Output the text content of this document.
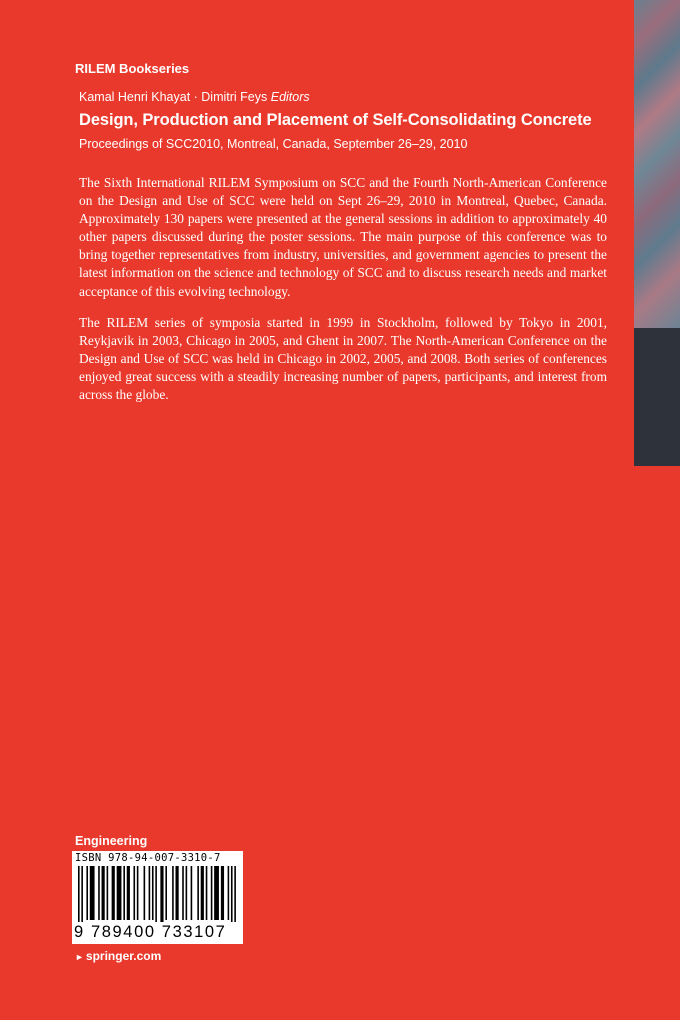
RILEM Bookseries
Kamal Henri Khayat · Dimitri Feys Editors
Design, Production and Placement of Self-Consolidating Concrete
Proceedings of SCC2010, Montreal, Canada, September 26–29, 2010

The Sixth International RILEM Symposium on SCC and the Fourth North-American Conference on the Design and Use of SCC were held on Sept 26–29, 2010 in Montreal, Quebec, Canada. Approximately 130 papers were presented at the general sessions in addition to approximately 40 other papers discussed during the poster sessions. The main purpose of this conference was to bring together representatives from industry, universities, and government agencies to present the latest information on the science and technology of SCC and to discuss research needs and market acceptance of this evolving technology.

The RILEM series of symposia started in 1999 in Stockholm, followed by Tokyo in 2001, Reykjavik in 2003, Chicago in 2005, and Ghent in 2007. The North-American Conference on the Design and Use of SCC was held in Chicago in 2002, 2005, and 2008. Both series of conferences enjoyed great success with a steadily increasing number of papers, participants, and interest from across the globe.

Engineering
ISBN 978-94-007-3310-7
9 789400 733107
► springer.com
